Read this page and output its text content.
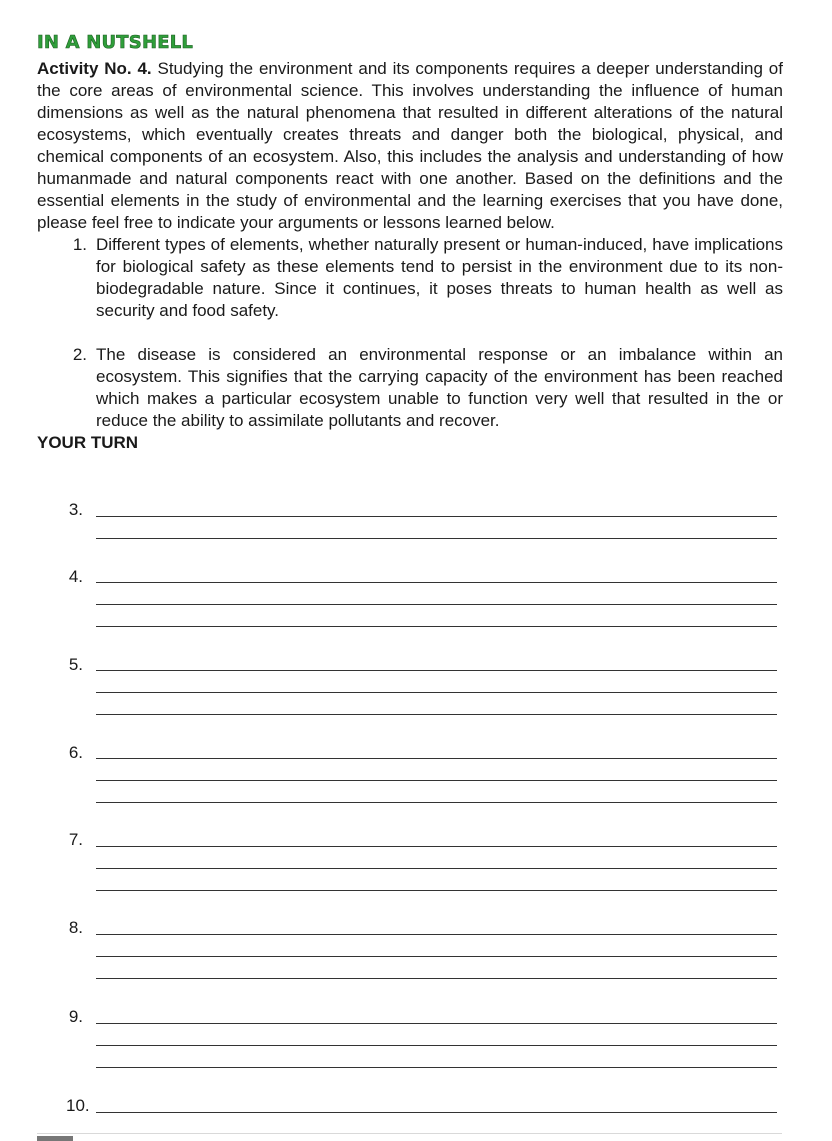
IN A NUTSHELL

Activity No. 4. Studying the environment and its components requires a deeper understanding of the core areas of environmental science. This involves understanding the influence of human dimensions as well as the natural phenomena that resulted in different alterations of the natural ecosystems, which eventually creates threats and danger both the biological, physical, and chemical components of an ecosystem. Also, this includes the analysis and understanding of how humanmade and natural components react with one another. Based on the definitions and the essential elements in the study of environmental and the learning exercises that you have done, please feel free to indicate your arguments or lessons learned below.

1. Different types of elements, whether naturally present or human-induced, have implications for biological safety as these elements tend to persist in the environment due to its non-biodegradable nature. Since it continues, it poses threats to human health as well as security and food safety.
2. The disease is considered an environmental response or an imbalance within an ecosystem. This signifies that the carrying capacity of the environment has been reached which makes a particular ecosystem unable to function very well that resulted in the or reduce the ability to assimilate pollutants and recover.

YOUR TURN

3.
4.
5.
6.
7.
8.
9.
10.
